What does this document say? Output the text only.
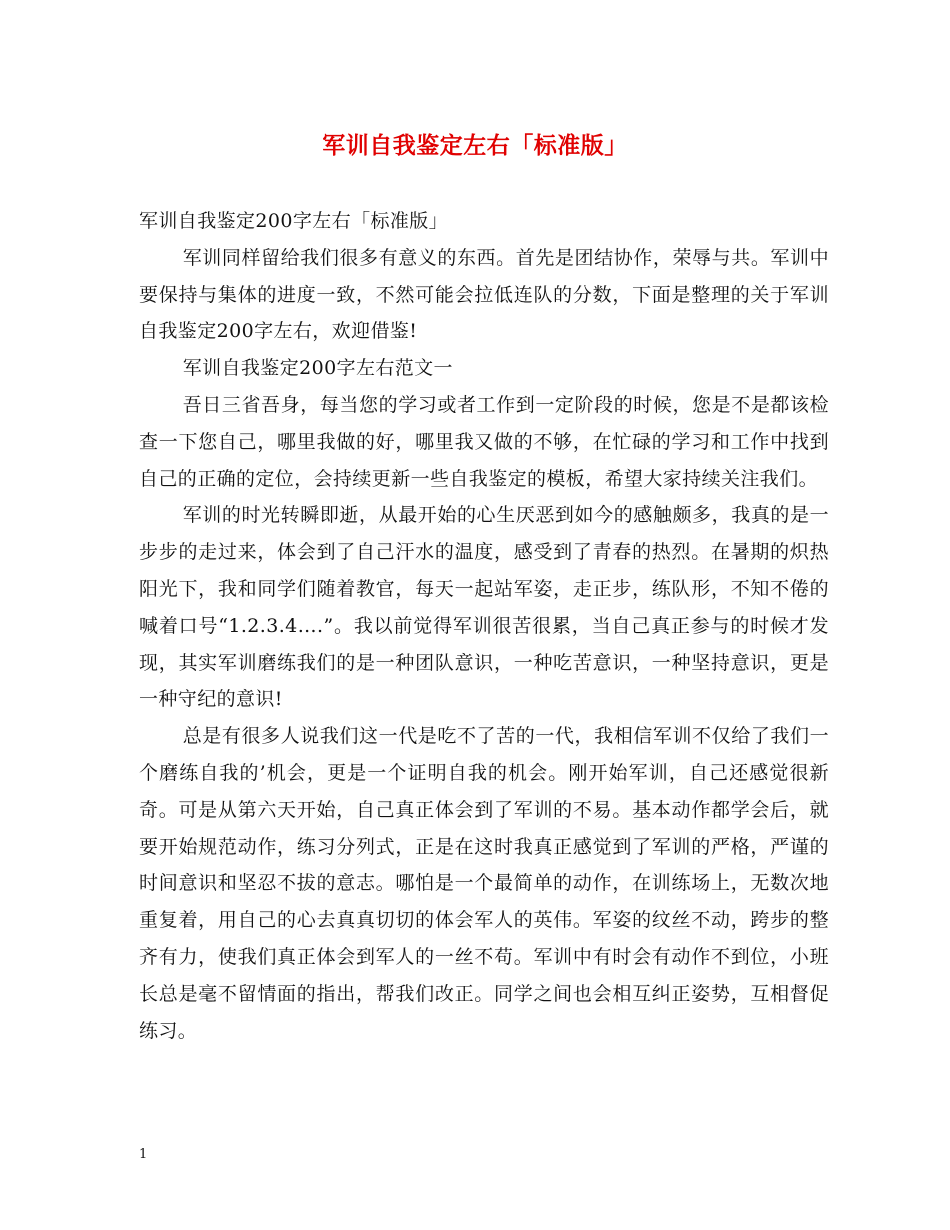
军训自我鉴定左右「标准版」

军训自我鉴定200字左右「标准版」

军训同样留给我们很多有意义的东西。首先是团结协作，荣辱与共。军训中要保持与集体的进度一致，不然可能会拉低连队的分数，下面是整理的关于军训自我鉴定200字左右，欢迎借鉴!

军训自我鉴定200字左右范文一

吾日三省吾身，每当您的学习或者工作到一定阶段的时候，您是不是都该检查一下您自己，哪里我做的好，哪里我又做的不够，在忙碌的学习和工作中找到自己的正确的定位，会持续更新一些自我鉴定的模板，希望大家持续关注我们。

军训的时光转瞬即逝，从最开始的心生厌恶到如今的感触颇多，我真的是一步步的走过来，体会到了自己汗水的温度，感受到了青春的热烈。在暑期的炽热阳光下，我和同学们随着教官，每天一起站军姿，走正步，练队形，不知不倦的喊着口号“1.2.3.4….”。我以前觉得军训很苦很累，当自己真正参与的时候才发现，其实军训磨练我们的是一种团队意识，一种吃苦意识，一种坚持意识，更是一种守纪的意识!

总是有很多人说我们这一代是吃不了苦的一代，我相信军训不仅给了我们一个磨练自我的’机会，更是一个证明自我的机会。刚开始军训，自己还感觉很新奇。可是从第六天开始，自己真正体会到了军训的不易。基本动作都学会后，就要开始规范动作，练习分列式，正是在这时我真正感觉到了军训的严格，严谨的时间意识和坚忍不拔的意志。哪怕是一个最简单的动作，在训练场上，无数次地重复着，用自己的心去真真切切的体会军人的英伟。军姿的纹丝不动，跨步的整齐有力，使我们真正体会到军人的一丝不苟。军训中有时会有动作不到位，小班长总是毫不留情面的指出，帮我们改正。同学之间也会相互纠正姿势，互相督促练习。

1
